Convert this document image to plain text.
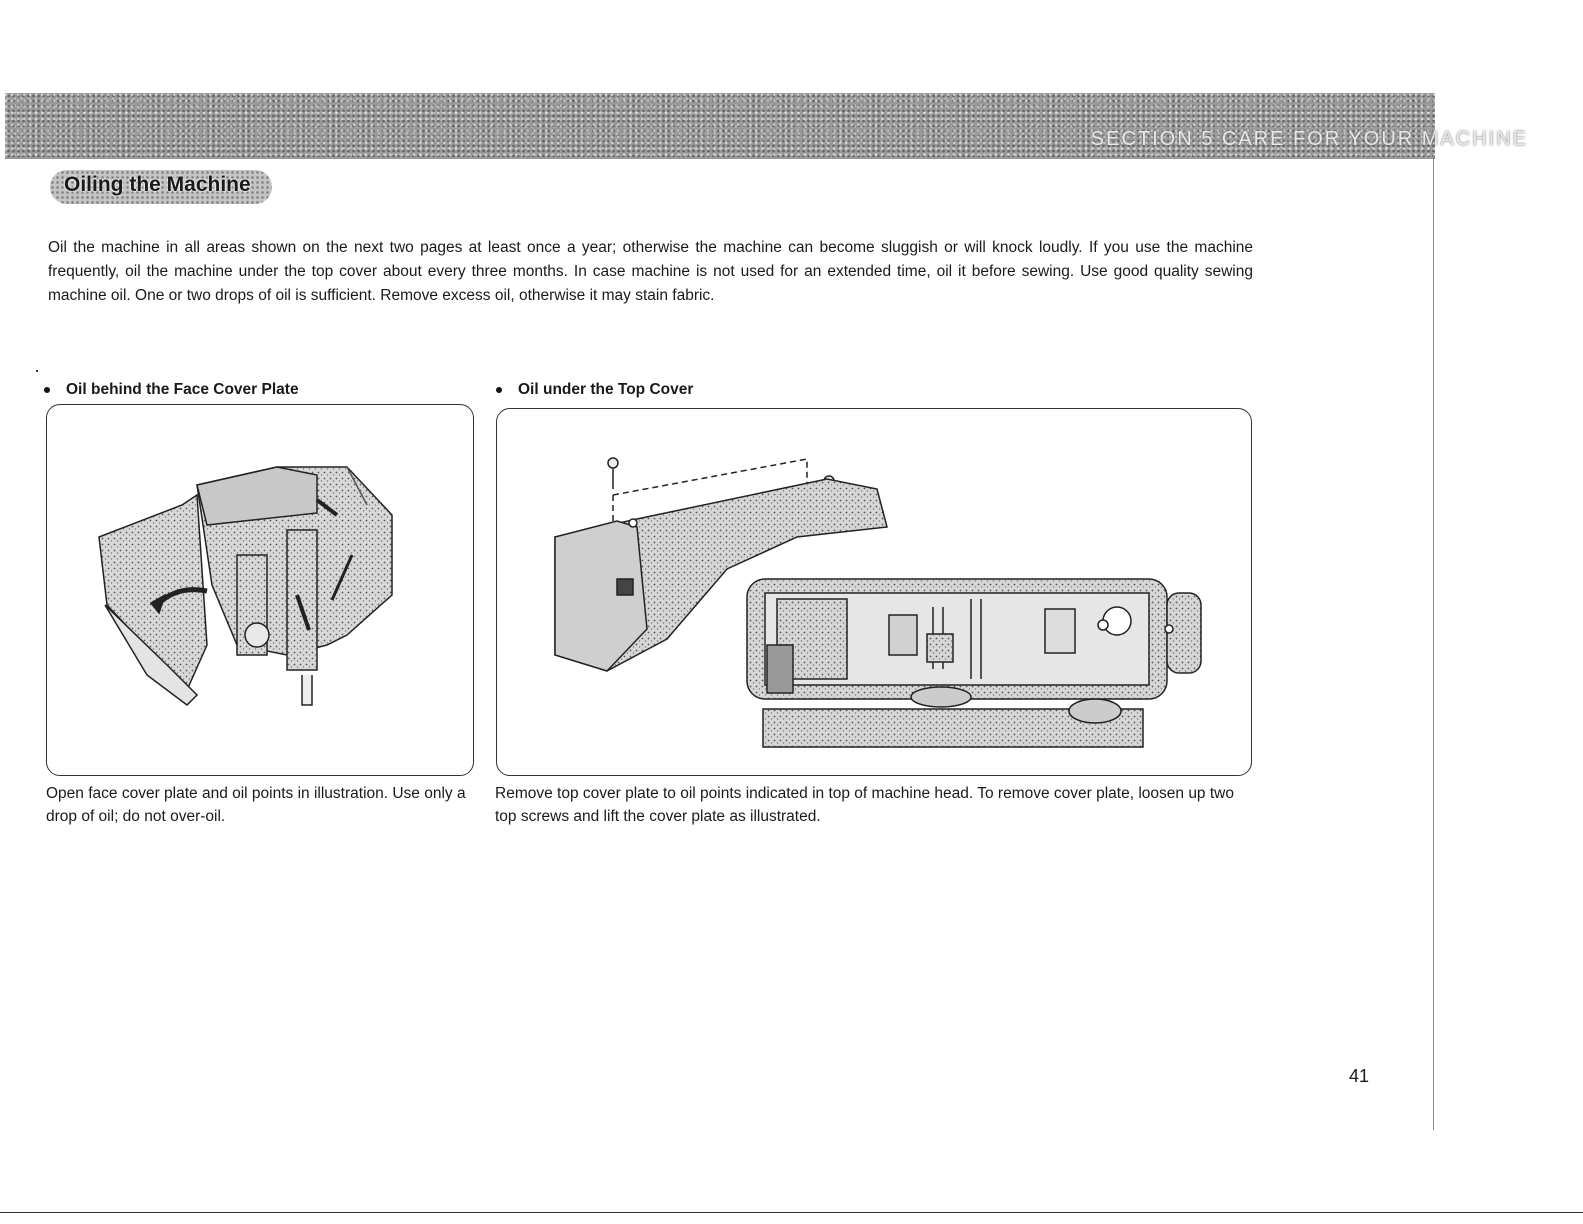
SECTION 5 CARE FOR YOUR MACHINE
Oiling the Machine

Oil the machine in all areas shown on the next two pages at least once a year; otherwise the machine can become sluggish or will knock loudly. If you use the machine frequently, oil the machine under the top cover about every three months. In case machine is not used for an extended time, oil it before sewing. Use good quality sewing machine oil. One or two drops of oil is sufficient. Remove excess oil, otherwise it may stain fabric.

Oil behind the Face Cover Plate	Oil under the Top Cover

Open face cover plate and oil points in illustration. Use only a drop of oil; do not over-oil.

Remove top cover plate to oil points indicated in top of machine head. To remove cover plate, loosen up two top screws and lift the cover plate as illustrated.

41
